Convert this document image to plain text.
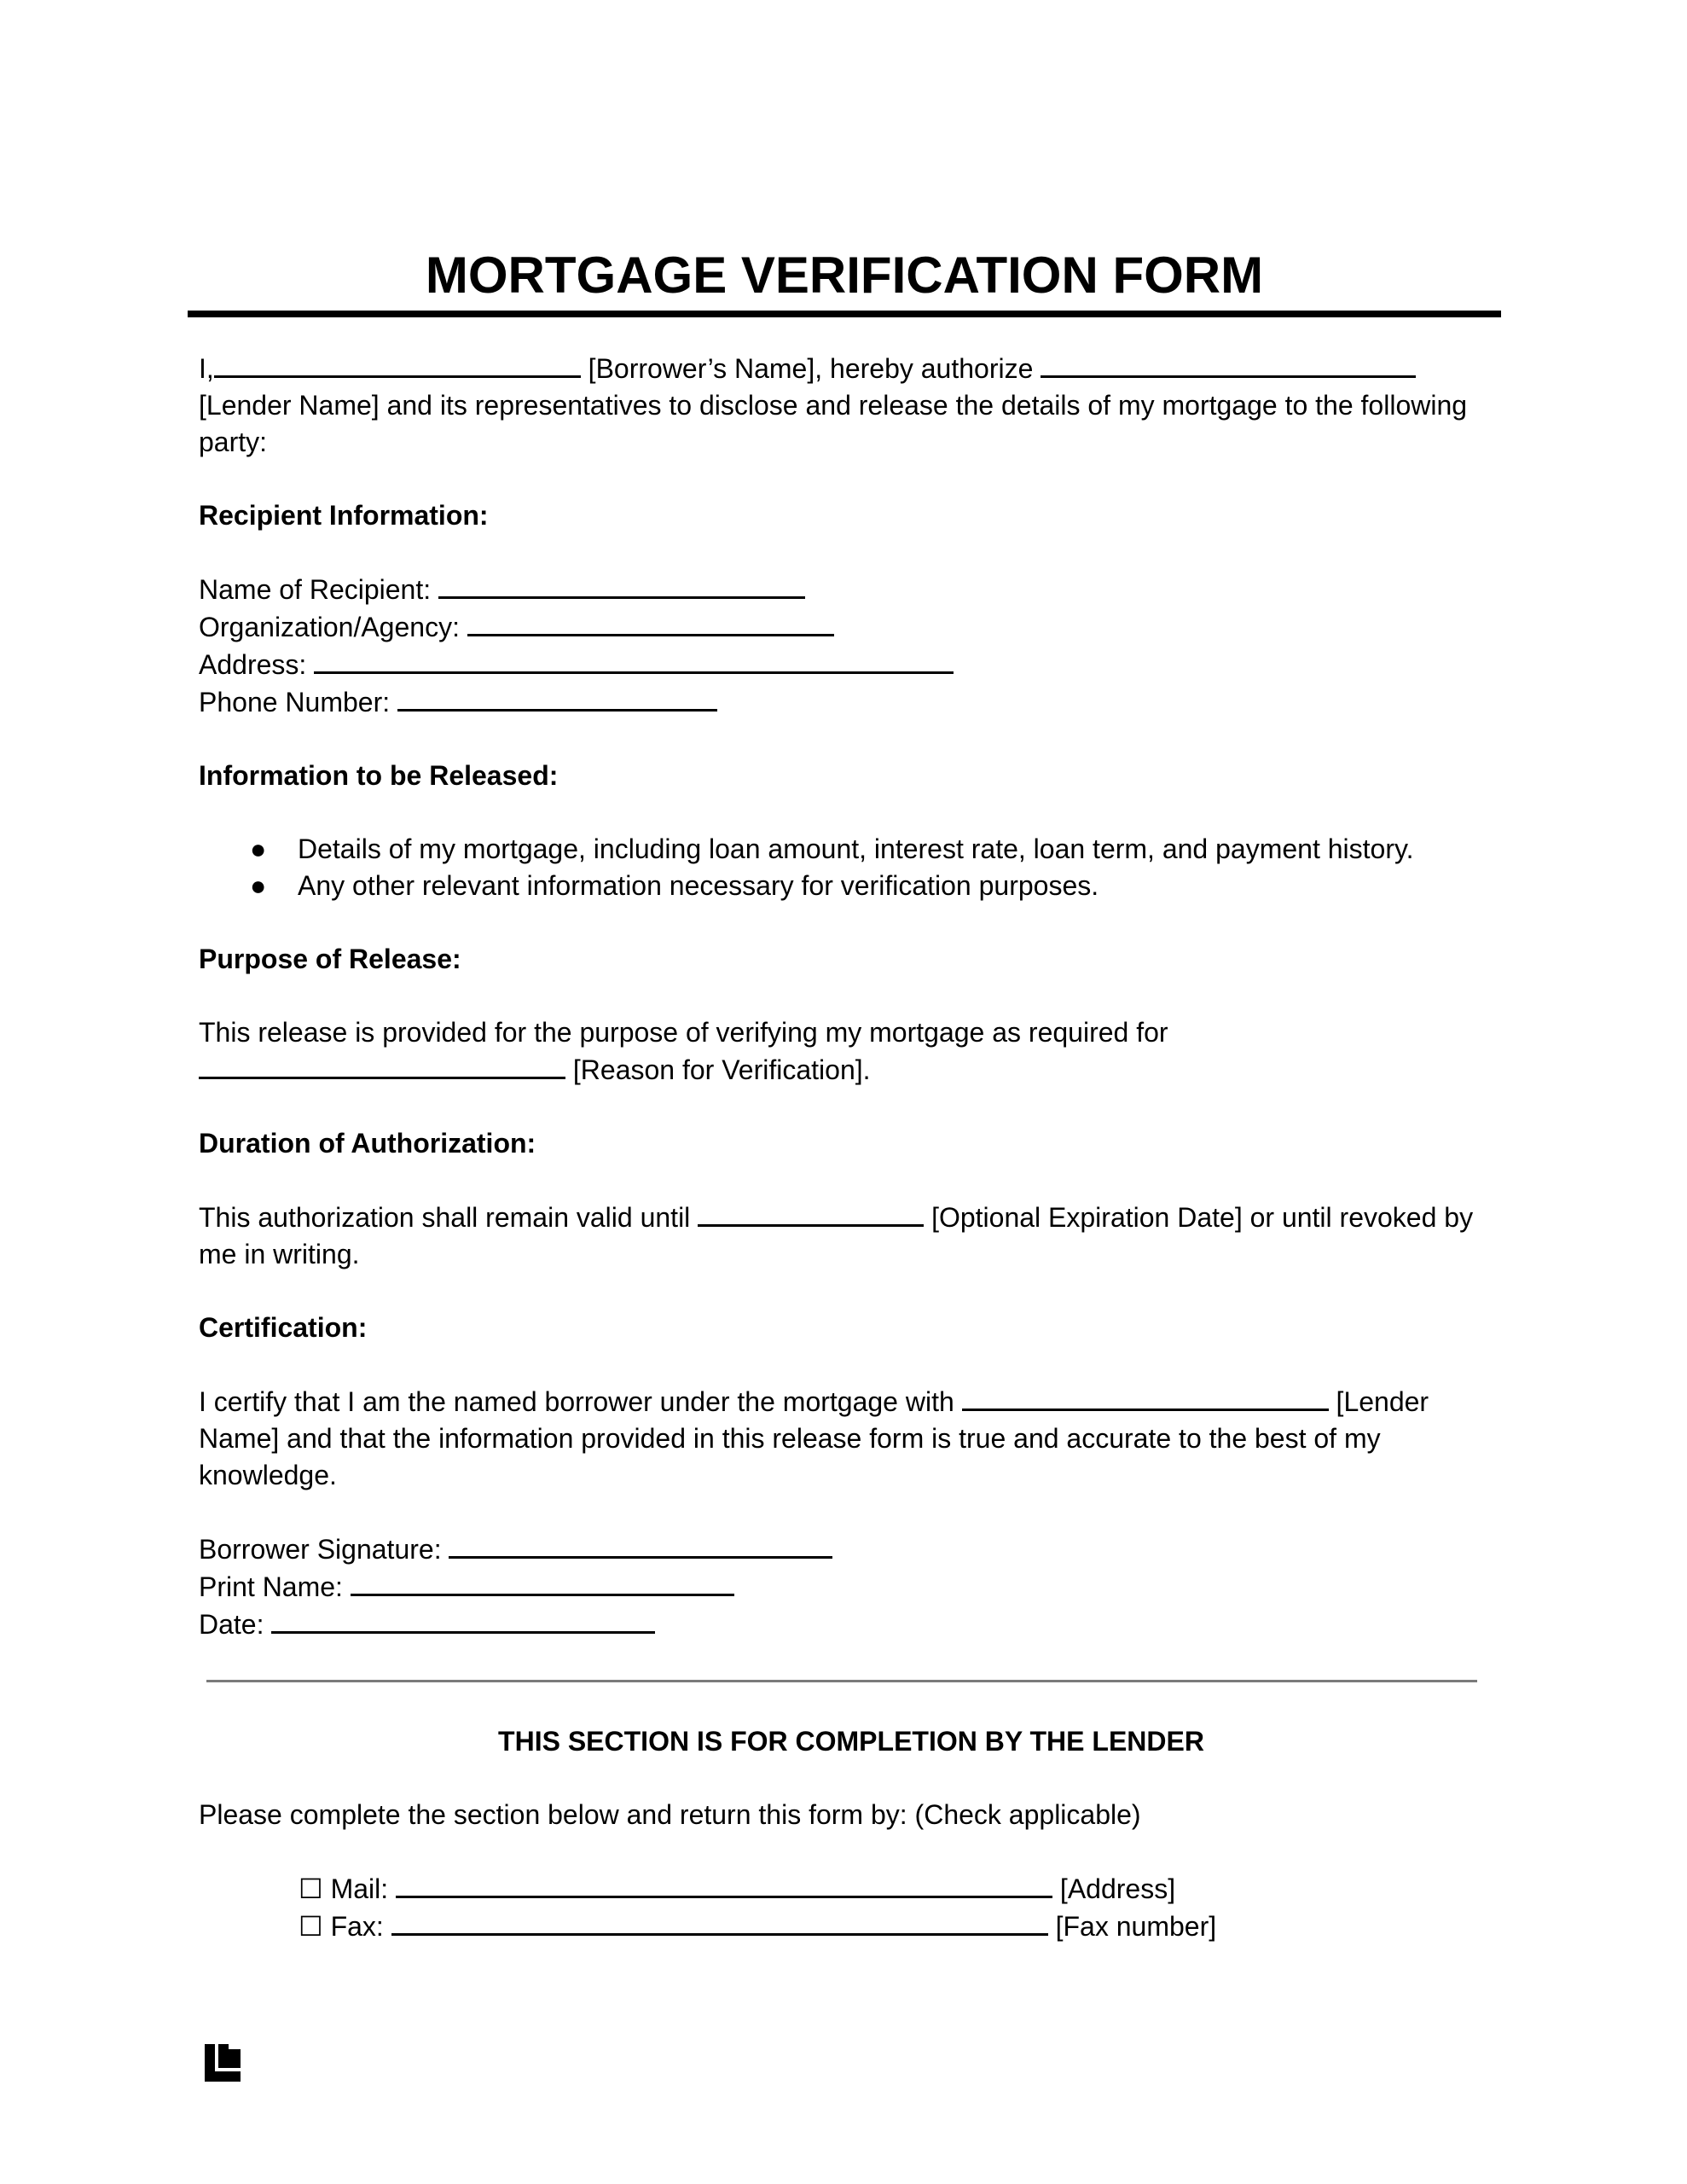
MORTGAGE VERIFICATION FORM

I,	[Borrower’s Name], hereby authorize

[Lender Name] and its representatives to disclose and release the details of my mortgage to the following

party:

Recipient Information:

Name of Recipient:

Organization/Agency:

Address:

Phone Number:

Information to be Released:

● Details of my mortgage, including loan amount, interest rate, loan term, and payment history.
● Any other relevant information necessary for verification purposes.

Purpose of Release:

This release is provided for the purpose of verifying my mortgage as required for

[Reason for Verification].

Duration of Authorization:

This authorization shall remain valid until	[Optional Expiration Date] or until revoked by

me in writing.

Certification:

I certify that I am the named borrower under the mortgage with	[Lender

Name] and that the information provided in this release form is true and accurate to the best of my

knowledge.

Borrower Signature:

Print Name:

Date:

THIS SECTION IS FOR COMPLETION BY THE LENDER

Please complete the section below and return this form by: (Check applicable)

☐ Mail:	[Address]

☐ Fax:	[Fax number]
